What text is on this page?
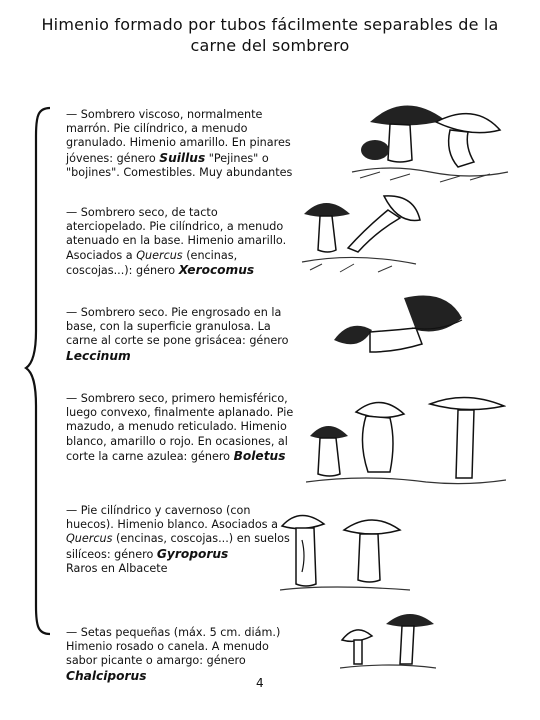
Himenio formado por tubos fácilmente separables de la carne del sombrero
— Sombrero viscoso, normalmente marrón. Pie cilíndrico, a menudo granulado. Himenio amarillo. En pinares jóvenes: género Suillus "Pejines" o "bojines". Comestibles. Muy abundantes
— Sombrero seco, de tacto aterciopelado. Pie cilíndrico, a menudo atenuado en la base. Himenio amarillo. Asociados a Quercus (encinas, coscojas...): género Xerocomus
— Sombrero seco. Pie engrosado en la base, con la superficie granulosa. La carne al corte se pone grisácea: género Leccinum
— Sombrero seco, primero hemisférico, luego convexo, finalmente aplanado. Pie mazudo, a menudo reticulado. Himenio blanco, amarillo o rojo. En ocasiones, al corte la carne azulea: género Boletus
— Pie cilíndrico y cavernoso (con huecos). Himenio blanco. Asociados a Quercus (encinas, coscojas...) en suelos silíceos: género Gyroporus
Raros en Albacete
— Setas pequeñas (máx. 5 cm. diám.) Himenio rosado o canela. A menudo sabor picante o amargo: género Chalciporus
4
